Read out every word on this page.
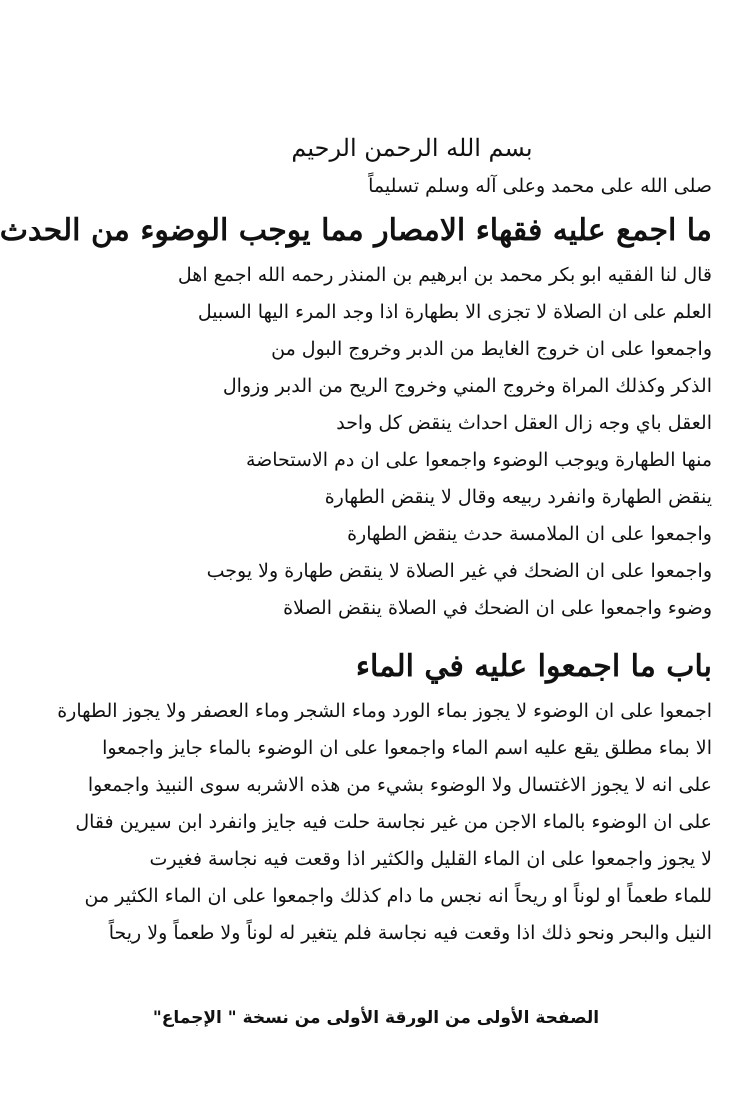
بسم الله الرحمن الرحيم
صلى الله على محمد وعلى آله وسلم تسليماً
ما اجمع عليه فقهاء الامصار مما يوجب الوضوء من الحدث
قال لنا الفقيه ابو بكر محمد بن ابرهيم بن المنذر رحمه الله اجمع اهل
العلم على ان الصلاة لا تجزى الا بطهارة اذا وجد المرء اليها السبيل
واجمعوا على ان خروج الغايط من الدبر وخروج البول من
الذكر وكذلك المراة وخروج المني وخروج الريح من الدبر وزوال
العقل باي وجه زال العقل احداث ينقض كل واحد
منها الطهارة ويوجب الوضوء واجمعوا على ان دم الاستحاضة
ينقض الطهارة وانفرد ربيعه وقال لا ينقض الطهارة
واجمعوا على ان الملامسة حدث ينقض الطهارة
واجمعوا على ان الضحك في غير الصلاة لا ينقض طهارة ولا يوجب
وضوء واجمعوا على ان الضحك في الصلاة ينقض الصلاة
باب ما اجمعوا عليه في الماء
اجمعوا على ان الوضوء لا يجوز بماء الورد وماء الشجر وماء العصفر ولا يجوز الطهارة
الا بماء مطلق يقع عليه اسم الماء واجمعوا على ان الوضوء بالماء جايز واجمعوا
على انه لا يجوز الاغتسال ولا الوضوء بشيء من هذه الاشربه سوى النبيذ واجمعوا
على ان الوضوء بالماء الاجن من غير نجاسة حلت فيه جايز وانفرد ابن سيرين فقال
لا يجوز واجمعوا على ان الماء القليل والكثير اذا وقعت فيه نجاسة فغيرت
للماء طعماً او لوناً او ريحاً انه نجس ما دام كذلك واجمعوا على ان الماء الكثير من
النيل والبحر ونحو ذلك اذا وقعت فيه نجاسة فلم يتغير له لوناً ولا طعماً ولا ريحاً
الصفحة الأولى من الورقة الأولى من نسخة " الإجماع"
